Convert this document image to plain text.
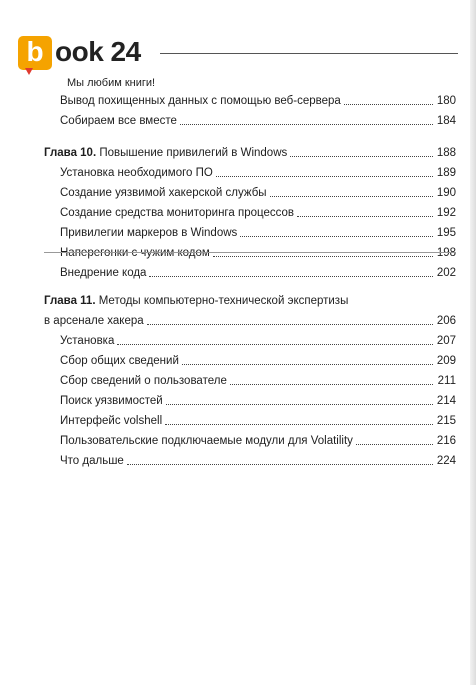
b ook 24
Мы любим книги!
Вывод похищенных данных с помощью веб-сервера	180
Собираем все вместе	184
Глава 10. Повышение привилегий в Windows	188
Установка необходимого ПО	189
Создание уязвимой хакерской службы	190
Создание средства мониторинга процессов	192
Привилегии маркеров в Windows	195
Наперегонки с чужим кодом	198
Внедрение кода	202
Глава 11. Методы компьютерно-технической экспертизы
в арсенале хакера	206
Установка	207
Сбор общих сведений	209
Сбор сведений о пользователе	211
Поиск уязвимостей	214
Интерфейс volshell	215
Пользовательские подключаемые модули для Volatility	216
Что дальше	224
